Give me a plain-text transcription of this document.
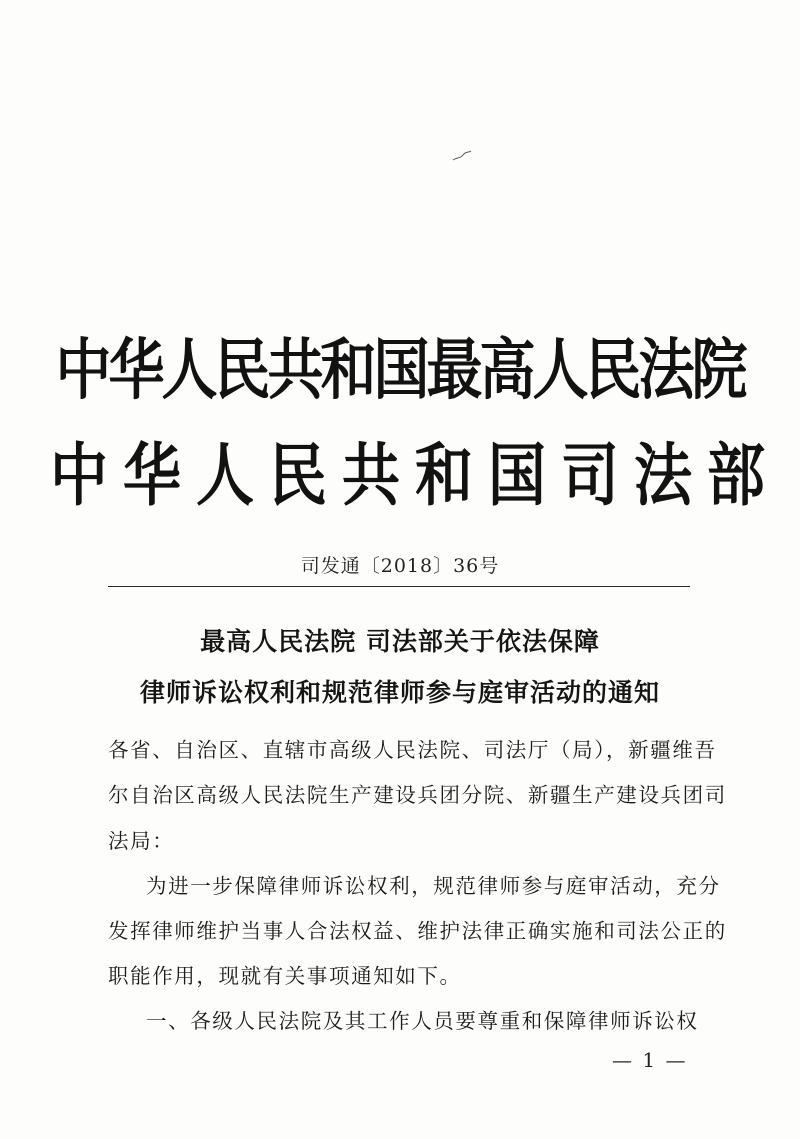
中华人民共和国最高人民法院
中华人民共和国司法部
司发通〔2018〕36号
最高人民法院 司法部关于依法保障
律师诉讼权利和规范律师参与庭审活动的通知
各省、自治区、直辖市高级人民法院、司法厅（局），新疆维吾
尔自治区高级人民法院生产建设兵团分院、新疆生产建设兵团司
法局：
为进一步保障律师诉讼权利，规范律师参与庭审活动，充分
发挥律师维护当事人合法权益、维护法律正确实施和司法公正的
职能作用，现就有关事项通知如下。
一、各级人民法院及其工作人员要尊重和保障律师诉讼权
— 1 —
